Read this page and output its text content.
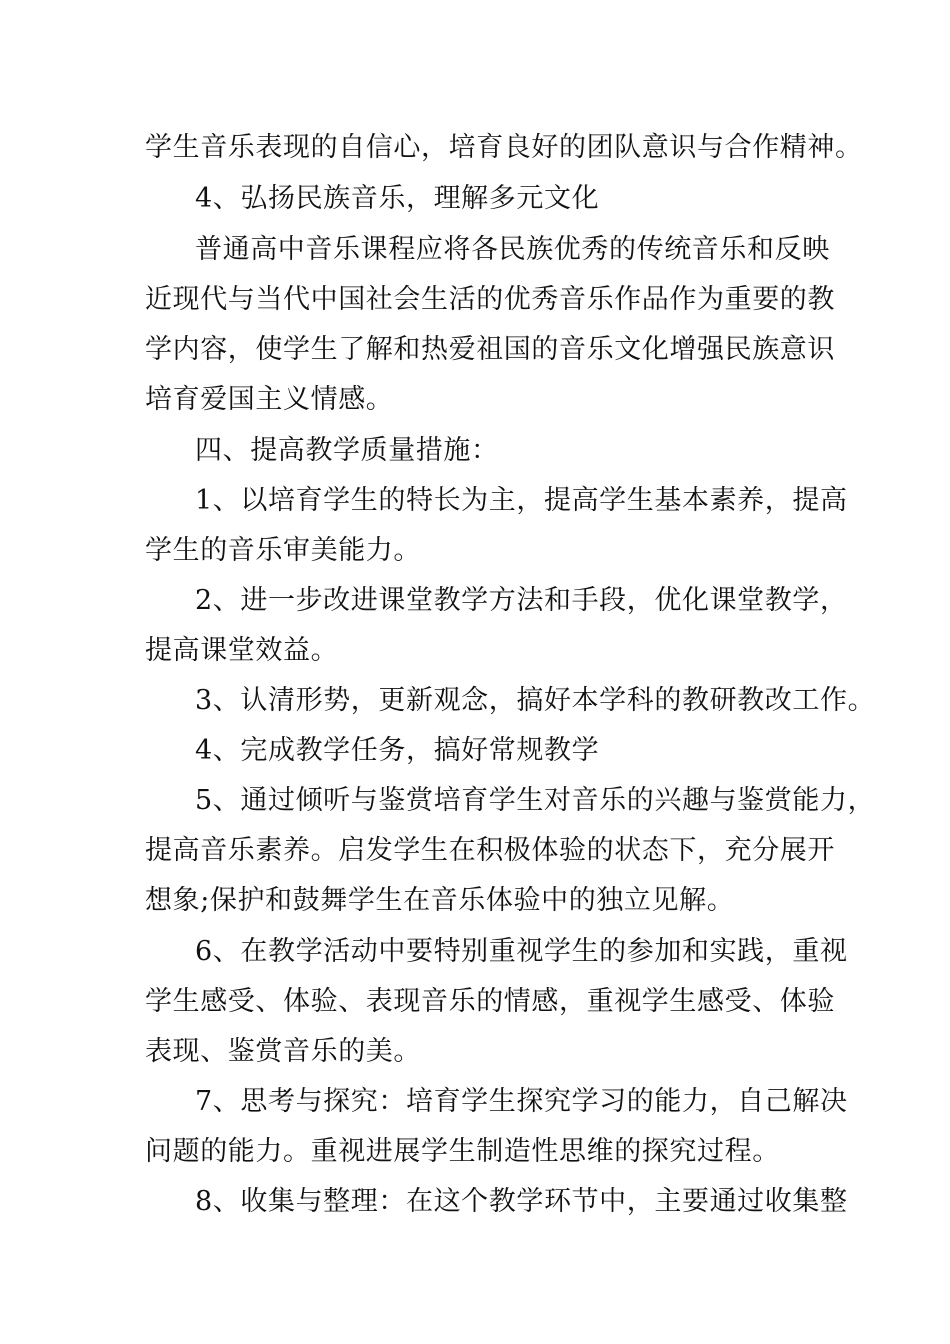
学生音乐表现的自信心，培育良好的团队意识与合作精神。
4、弘扬民族音乐，理解多元文化
普通高中音乐课程应将各民族优秀的传统音乐和反映
近现代与当代中国社会生活的优秀音乐作品作为重要的教
学内容，使学生了解和热爱祖国的音乐文化增强民族意识
培育爱国主义情感。
四、提高教学质量措施：
1、以培育学生的特长为主，提高学生基本素养，提高
学生的音乐审美能力。
2、进一步改进课堂教学方法和手段，优化课堂教学，
提高课堂效益。
3、认清形势，更新观念，搞好本学科的教研教改工作。
4、完成教学任务，搞好常规教学
5、通过倾听与鉴赏培育学生对音乐的兴趣与鉴赏能力，
提高音乐素养。启发学生在积极体验的状态下，充分展开
想象;保护和鼓舞学生在音乐体验中的独立见解。
6、在教学活动中要特别重视学生的参加和实践，重视
学生感受、体验、表现音乐的情感，重视学生感受、体验
表现、鉴赏音乐的美。
7、思考与探究：培育学生探究学习的能力，自己解决
问题的能力。重视进展学生制造性思维的探究过程。
8、收集与整理：在这个教学环节中，主要通过收集整
